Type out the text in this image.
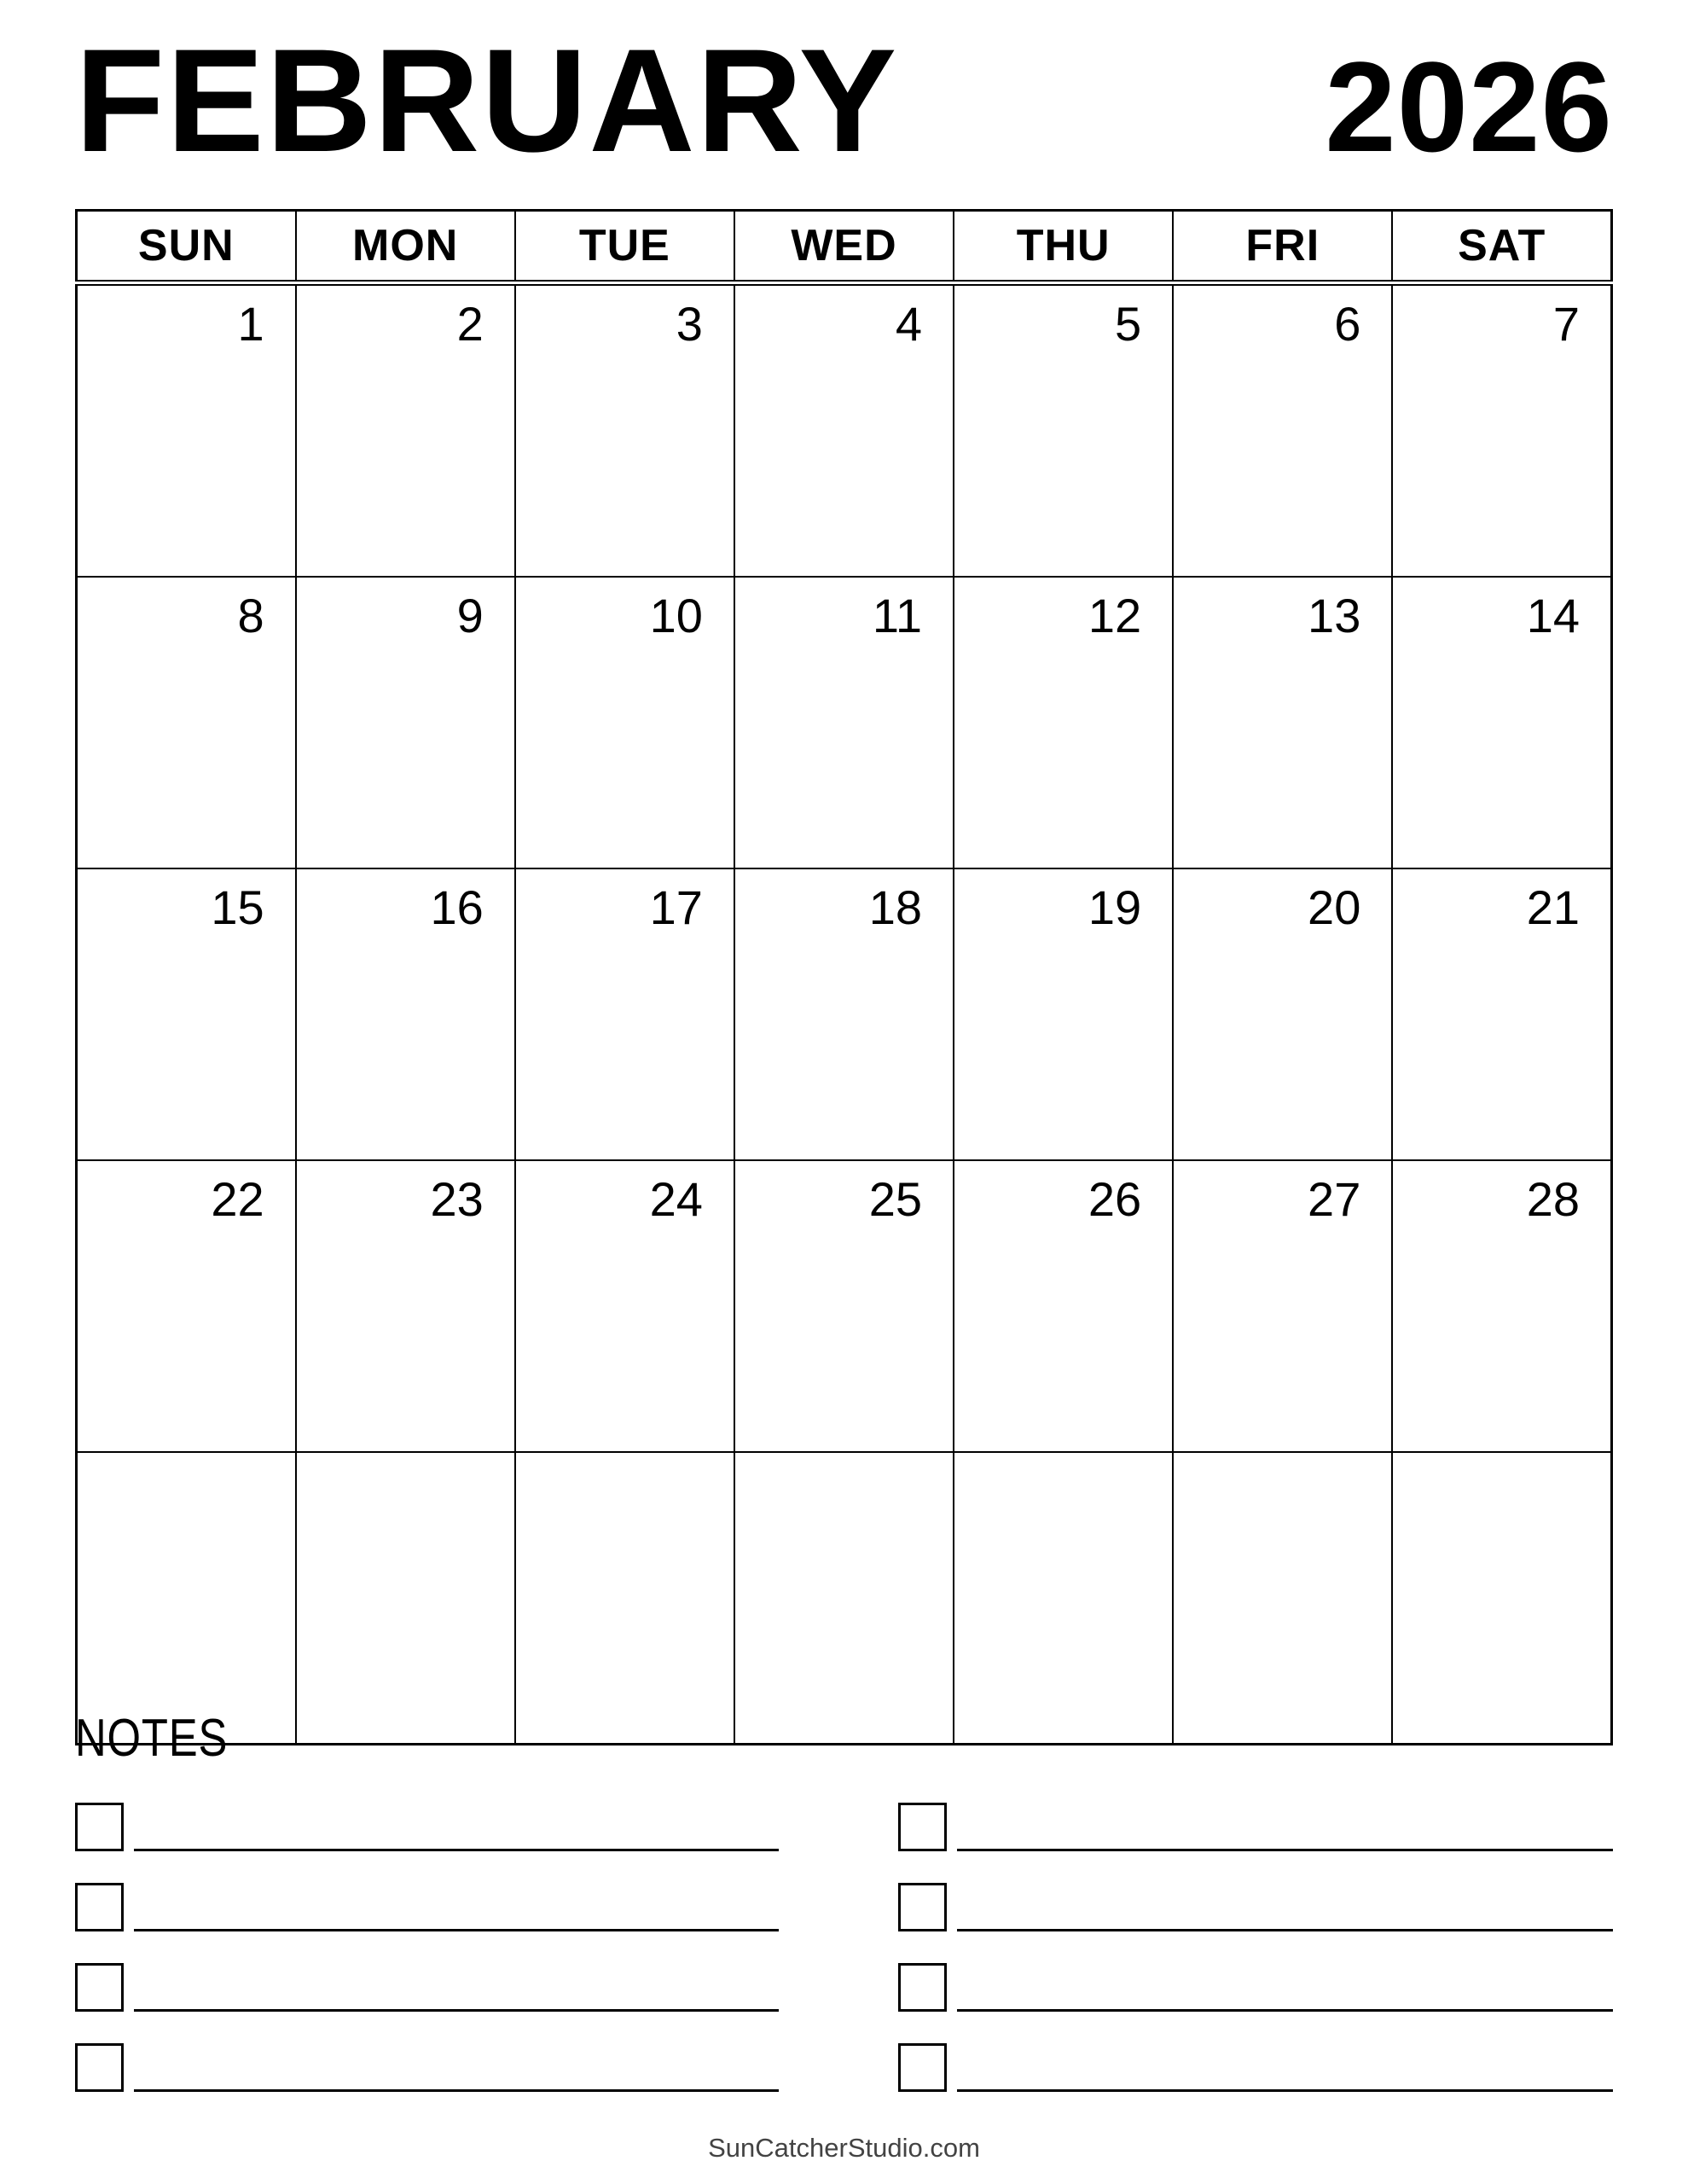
FEBRUARY	2026
SUN	MON	TUE	WED	THU	FRI	SAT
1	2	3	4	5	6	7
8	9	10	11	12	13	14
15	16	17	18	19	20	21
22	23	24	25	26	27	28

NOTES
SunCatcherStudio.com
